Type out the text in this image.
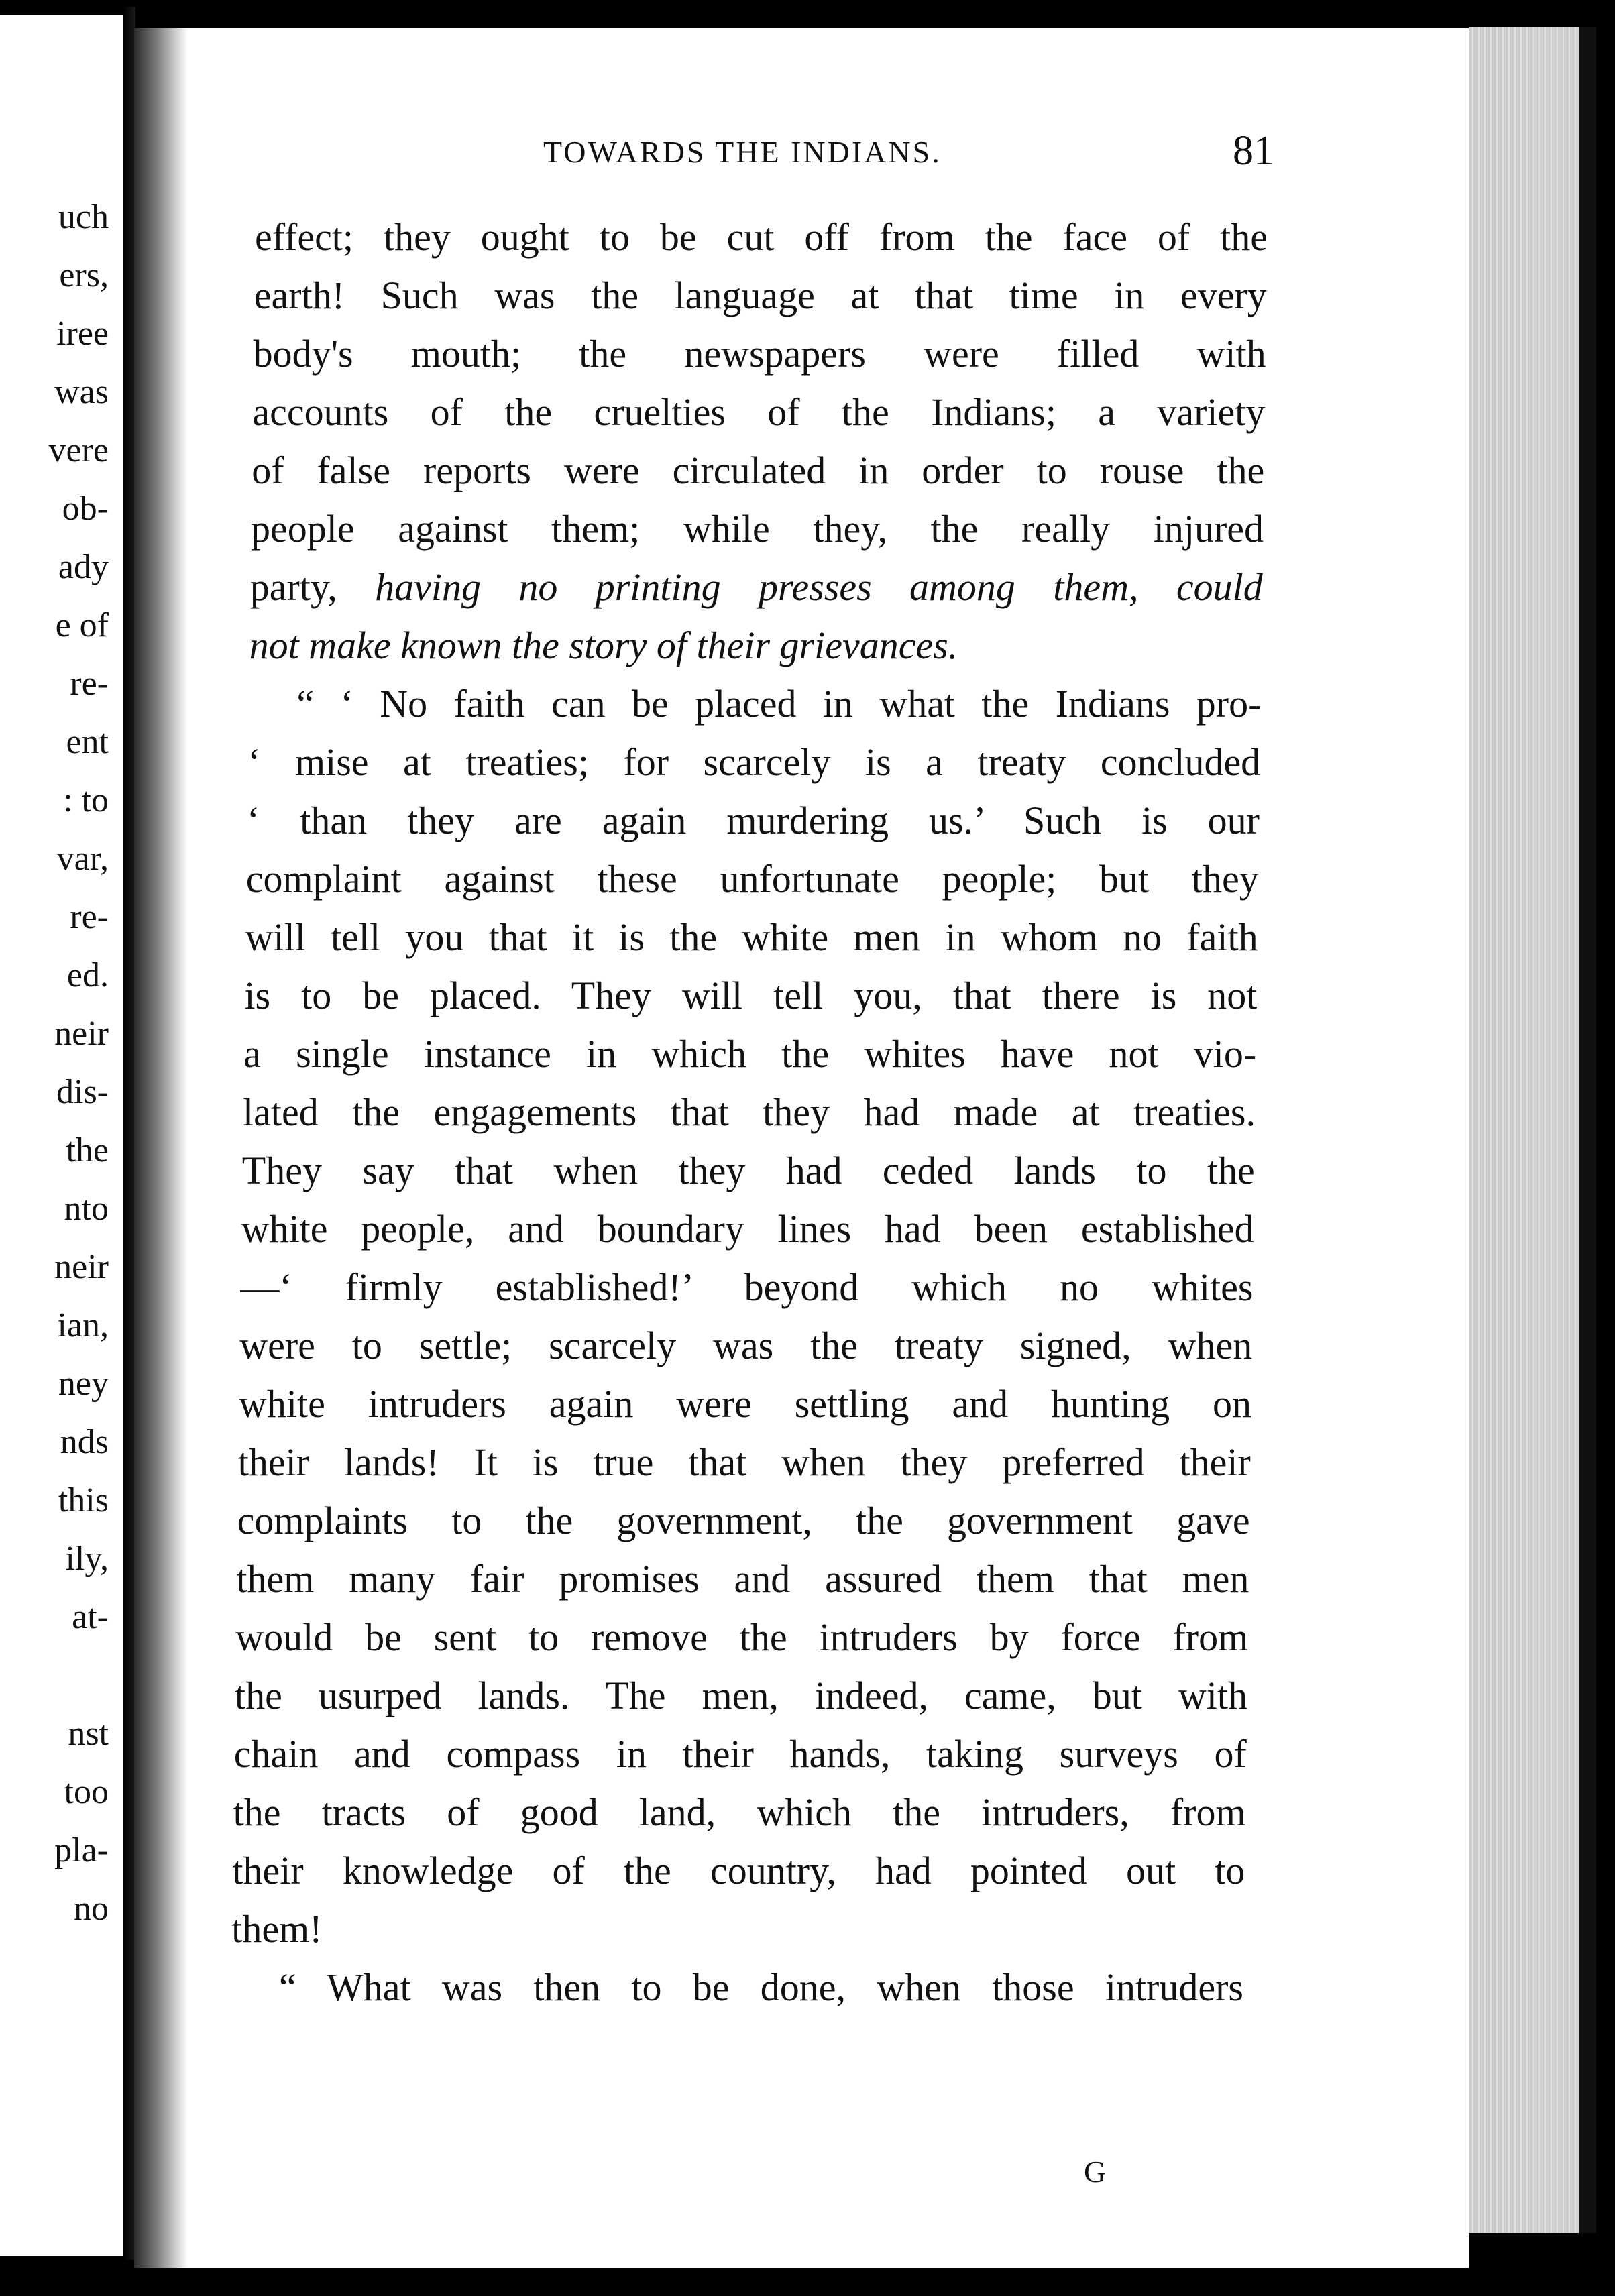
uch
ers,
iree
was
vere
ob-
ady
e of
re-
ent
: to
var,
re-
ed.
neir
dis-
the
nto
neir
ian,
ney
nds
this
ily,
at-
nst
too
pla-
no
TOWARDS THE INDIANS.	81
effect; they ought to be cut off from the face of the
earth! Such was the language at that time in every
body's mouth; the newspapers were filled with
accounts of the cruelties of the Indians; a variety
of false reports were circulated in order to rouse the
people against them; while they, the really injured
party, having no printing presses among them, could
not make known the story of their grievances.
“ ‘ No faith can be placed in what the Indians pro-
‘ mise at treaties; for scarcely is a treaty concluded
‘ than they are again murdering us.’ Such is our
complaint against these unfortunate people; but they
will tell you that it is the white men in whom no faith
is to be placed. They will tell you, that there is not
a single instance in which the whites have not vio-
lated the engagements that they had made at treaties.
They say that when they had ceded lands to the
white people, and boundary lines had been established
—‘ firmly established!’ beyond which no whites
were to settle; scarcely was the treaty signed, when
white intruders again were settling and hunting on
their lands! It is true that when they preferred their
complaints to the government, the government gave
them many fair promises and assured them that men
would be sent to remove the intruders by force from
the usurped lands. The men, indeed, came, but with
chain and compass in their hands, taking surveys of
the tracts of good land, which the intruders, from
their knowledge of the country, had pointed out to
them!
“ What was then to be done, when those intruders
G
